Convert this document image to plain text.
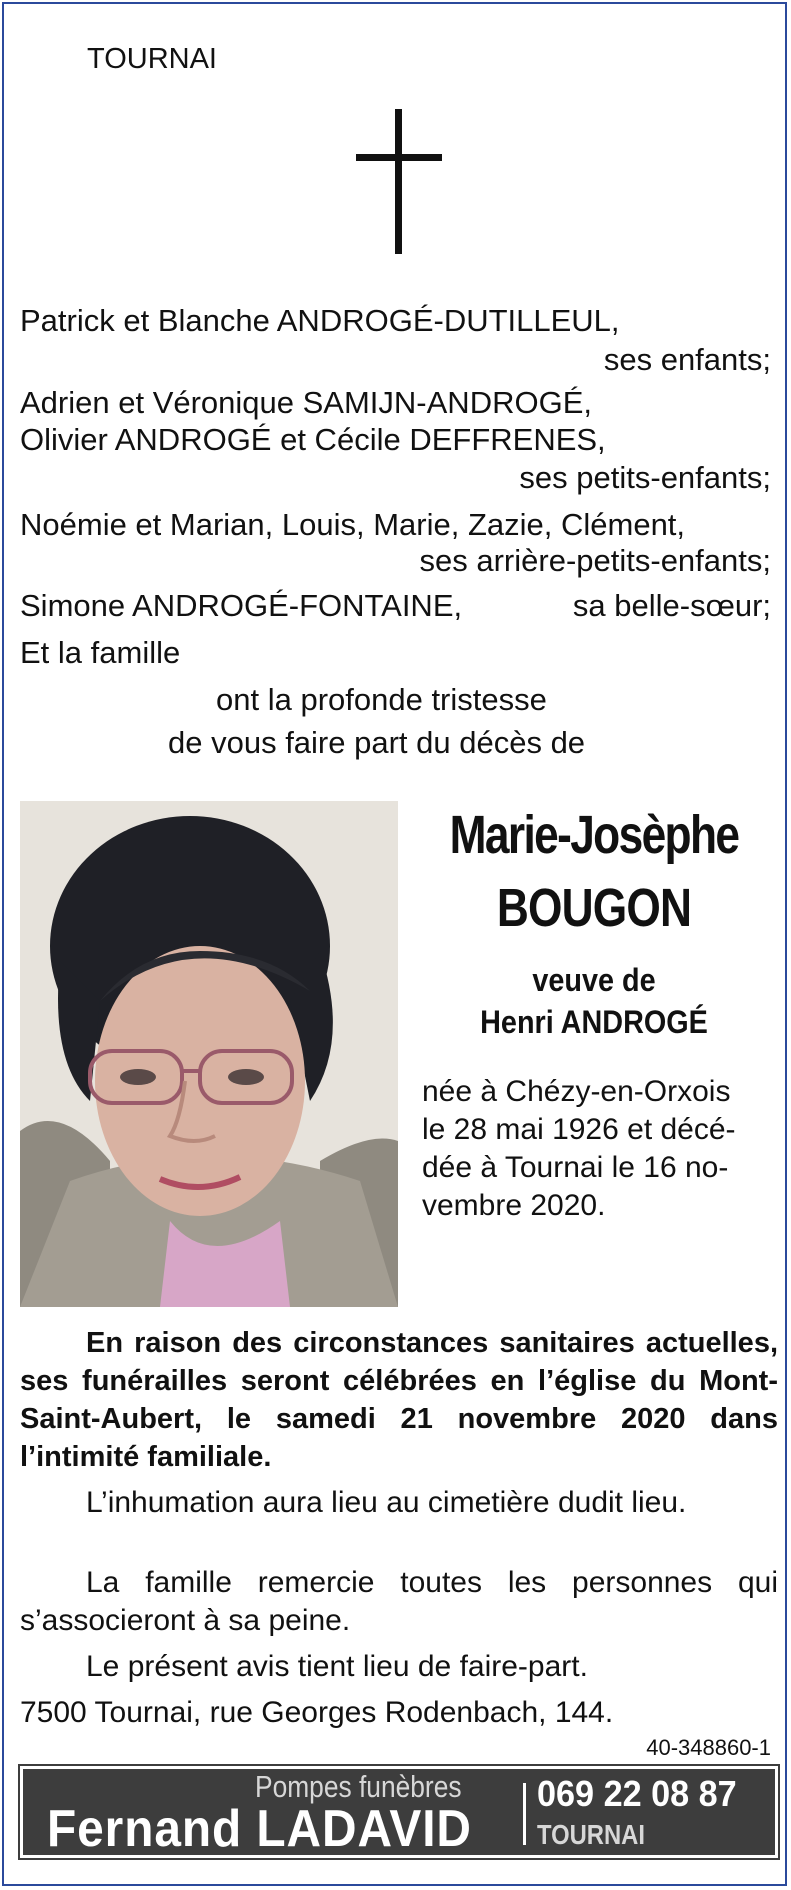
TOURNAI
Patrick et Blanche ANDROGÉ-DUTILLEUL,
ses enfants;
Adrien et Véronique SAMIJN-ANDROGÉ,
Olivier ANDROGÉ et Cécile DEFFRENES,
ses petits-enfants;
Noémie et Marian, Louis, Marie, Zazie, Clément,
ses arrière-petits-enfants;
Simone ANDROGÉ-FONTAINE,	sa belle-sœur;
Et la famille
ont la profonde tristesse
de vous faire part du décès de
Marie-Josèphe
BOUGON
veuve de
Henri ANDROGÉ
née à Chézy-en-Orxois
le 28 mai 1926 et décé-
dée à Tournai le 16 no-
vembre 2020.
En raison des circonstances sanitaires actuelles, ses funérailles seront célébrées en l’église du Mont-Saint-Aubert, le samedi 21 novembre 2020 dans l’intimité familiale.
L’inhumation aura lieu au cimetière dudit lieu.
La famille remercie toutes les personnes qui s’associeront à sa peine.
Le présent avis tient lieu de faire-part.
7500 Tournai, rue Georges Rodenbach, 144.
40-348860-1
Pompes funèbres
Fernand LADAVID
069 22 08 87
TOURNAI
